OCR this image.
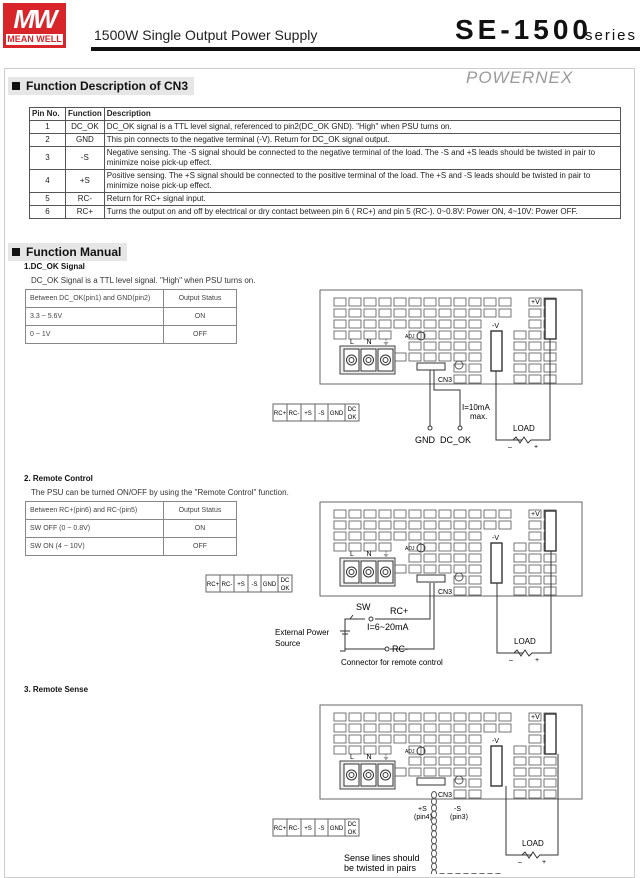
MW
MEAN WELL 1500W Single Output Power Supply	SE-1500
series
Function Description of CN3	POWERNEX
Pin No.	Function	Description
1	DC_OK	DC_OK signal is a TTL level signal, referenced to pin2(DC_OK GND). "High" when PSU turns on.
2	GND	This pin connects to the negative terminal (-V). Return for DC_OK signal output.
3	-S	Negative sensing. The -S signal should be connected to the negative terminal of the load. The -S and +S leads should be twisted in pair to minimize noise pick-up effect.
4	+S	Positive sensing. The +S signal should be connected to the positive terminal of the load. The +S and -S leads should be twisted in pair to minimize noise pick-up effect.
5	RC-	Return for RC+ signal input.
6	RC+	Turns the output on and off by electrical or dry contact between pin 6 ( RC+) and pin 5 (RC-). 0~0.8V: Power ON, 4~10V: Power OFF.
Function Manual
1.DC_OK Signal
DC_OK Signal is a TTL level signal. "High" when PSU turns on.
Between DC_OK(pin1) and GND(pin2)	Output Status
3.3 ~ 5.6V	ON
0 ~ 1V	OFF
2. Remote Control
The PSU can be turned ON/OFF by using the "Remote Control" function.
Between RC+(pin6) and RC-(pin5)	Output Status
SW OFF (0 ~ 0.8V)	ON
SW ON (4 ~ 10V)	OFF
3. Remote Sense
L N ⏚
ADJ
CN3
-V
+V
RC+ RC- +S -S GND
DC
OK
GND DC_OK
I=10mA
max.
LOAD
–	+
L N ⏚
ADJ
CN3
-V
+V
RC+ RC- +S -S GND
DC
OK
SW RC+
I=6~20mA
External Power
Source
RC-
Connector for remote control
LOAD
–	+
L N ⏚
ADJ
CN3
-V
+V
RC+ RC- +S -S GND
DC
OK
+S
(pin4)
-S
(pin3)
Sense lines should
be twisted in pairs
LOAD
–	+
